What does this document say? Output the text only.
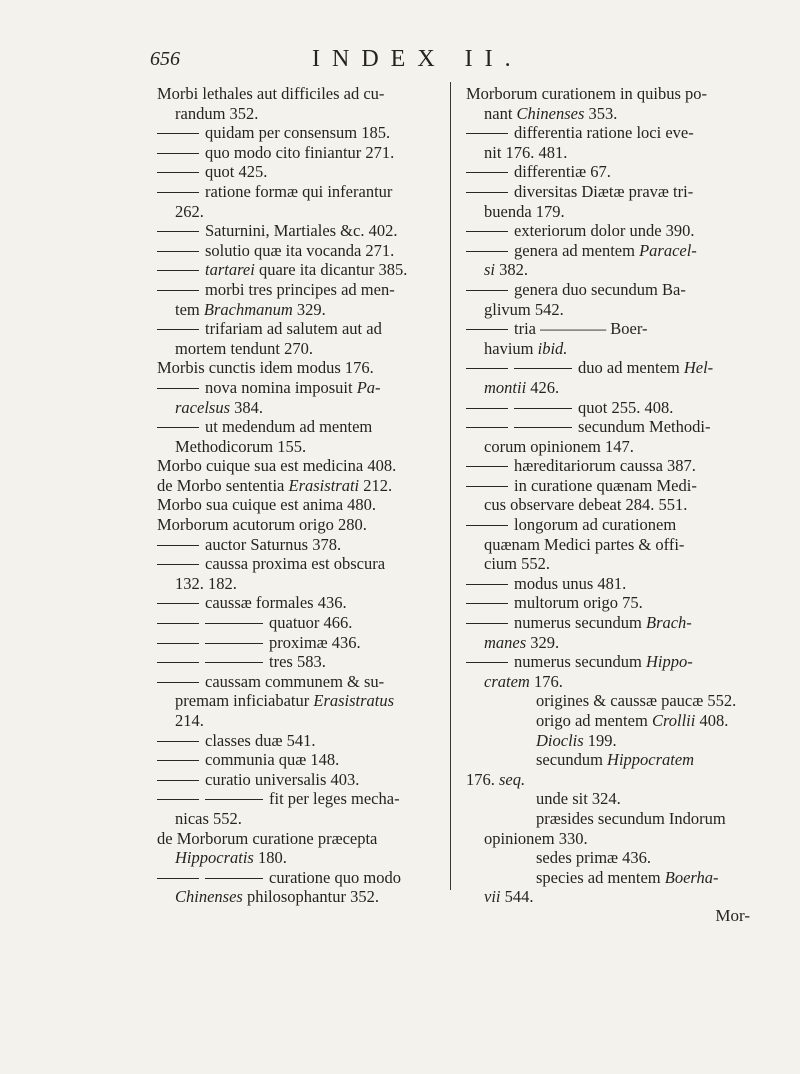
656	INDEX II.
Morbi lethales aut difficiles ad cu-
randum 352.
quidam per consensum 185.
quo modo cito finiantur 271.
quot 425.
ratione formæ qui inferantur
262.
Saturnini, Martiales &c. 402.
solutio quæ ita vocanda 271.
tartarei quare ita dicantur 385.
morbi tres principes ad men-
tem Brachmanum 329.
trifariam ad salutem aut ad
mortem tendunt 270.
Morbis cunctis idem modus 176.
nova nomina imposuit Pa-
racelsus 384.
ut medendum ad mentem
Methodicorum 155.
Morbo cuique sua est medicina 408.
de Morbo sententia Erasistrati 212.
Morbo sua cuique est anima 480.
Morborum acutorum origo 280.
auctor Saturnus 378.
caussa proxima est obscura
132. 182.
caussæ formales 436.
quatuor 466.
proximæ 436.
tres 583.
caussam communem & su-
premam inficiabatur Erasistratus
214.
classes duæ 541.
communia quæ 148.
curatio universalis 403.
fit per leges mecha-
nicas 552.
de Morborum curatione præcepta
Hippocratis 180.
curatione quo modo
Chinenses philosophantur 352.
Morborum curationem in quibus po-
nant Chinenses 353.
differentia ratione loci eve-
nit 176. 481.
differentiæ 67.
diversitas Diætæ pravæ tri-
buenda 179.
exteriorum dolor unde 390.
genera ad mentem Paracel-
si 382.
genera duo secundum Ba-
glivum 542.
tria ———— Boer-
havium ibid.
duo ad mentem Hel-
montii 426.
quot 255. 408.
secundum Methodi-
corum opinionem 147.
hæreditariorum caussa 387.
in curatione quænam Medi-
cus observare debeat 284. 551.
longorum ad curationem
quænam Medici partes & offi-
cium 552.
modus unus 481.
multorum origo 75.
numerus secundum Brach-
manes 329.
numerus secundum Hippo-
cratem 176.
origines & caussæ paucæ 552.
origo ad mentem Crollii 408.
Dioclis 199.
secundum Hippocratem
176. seq.
unde sit 324.
præsides secundum Indorum
opinionem 330.
sedes primæ 436.
species ad mentem Boerha-
vii 544.
Mor-
